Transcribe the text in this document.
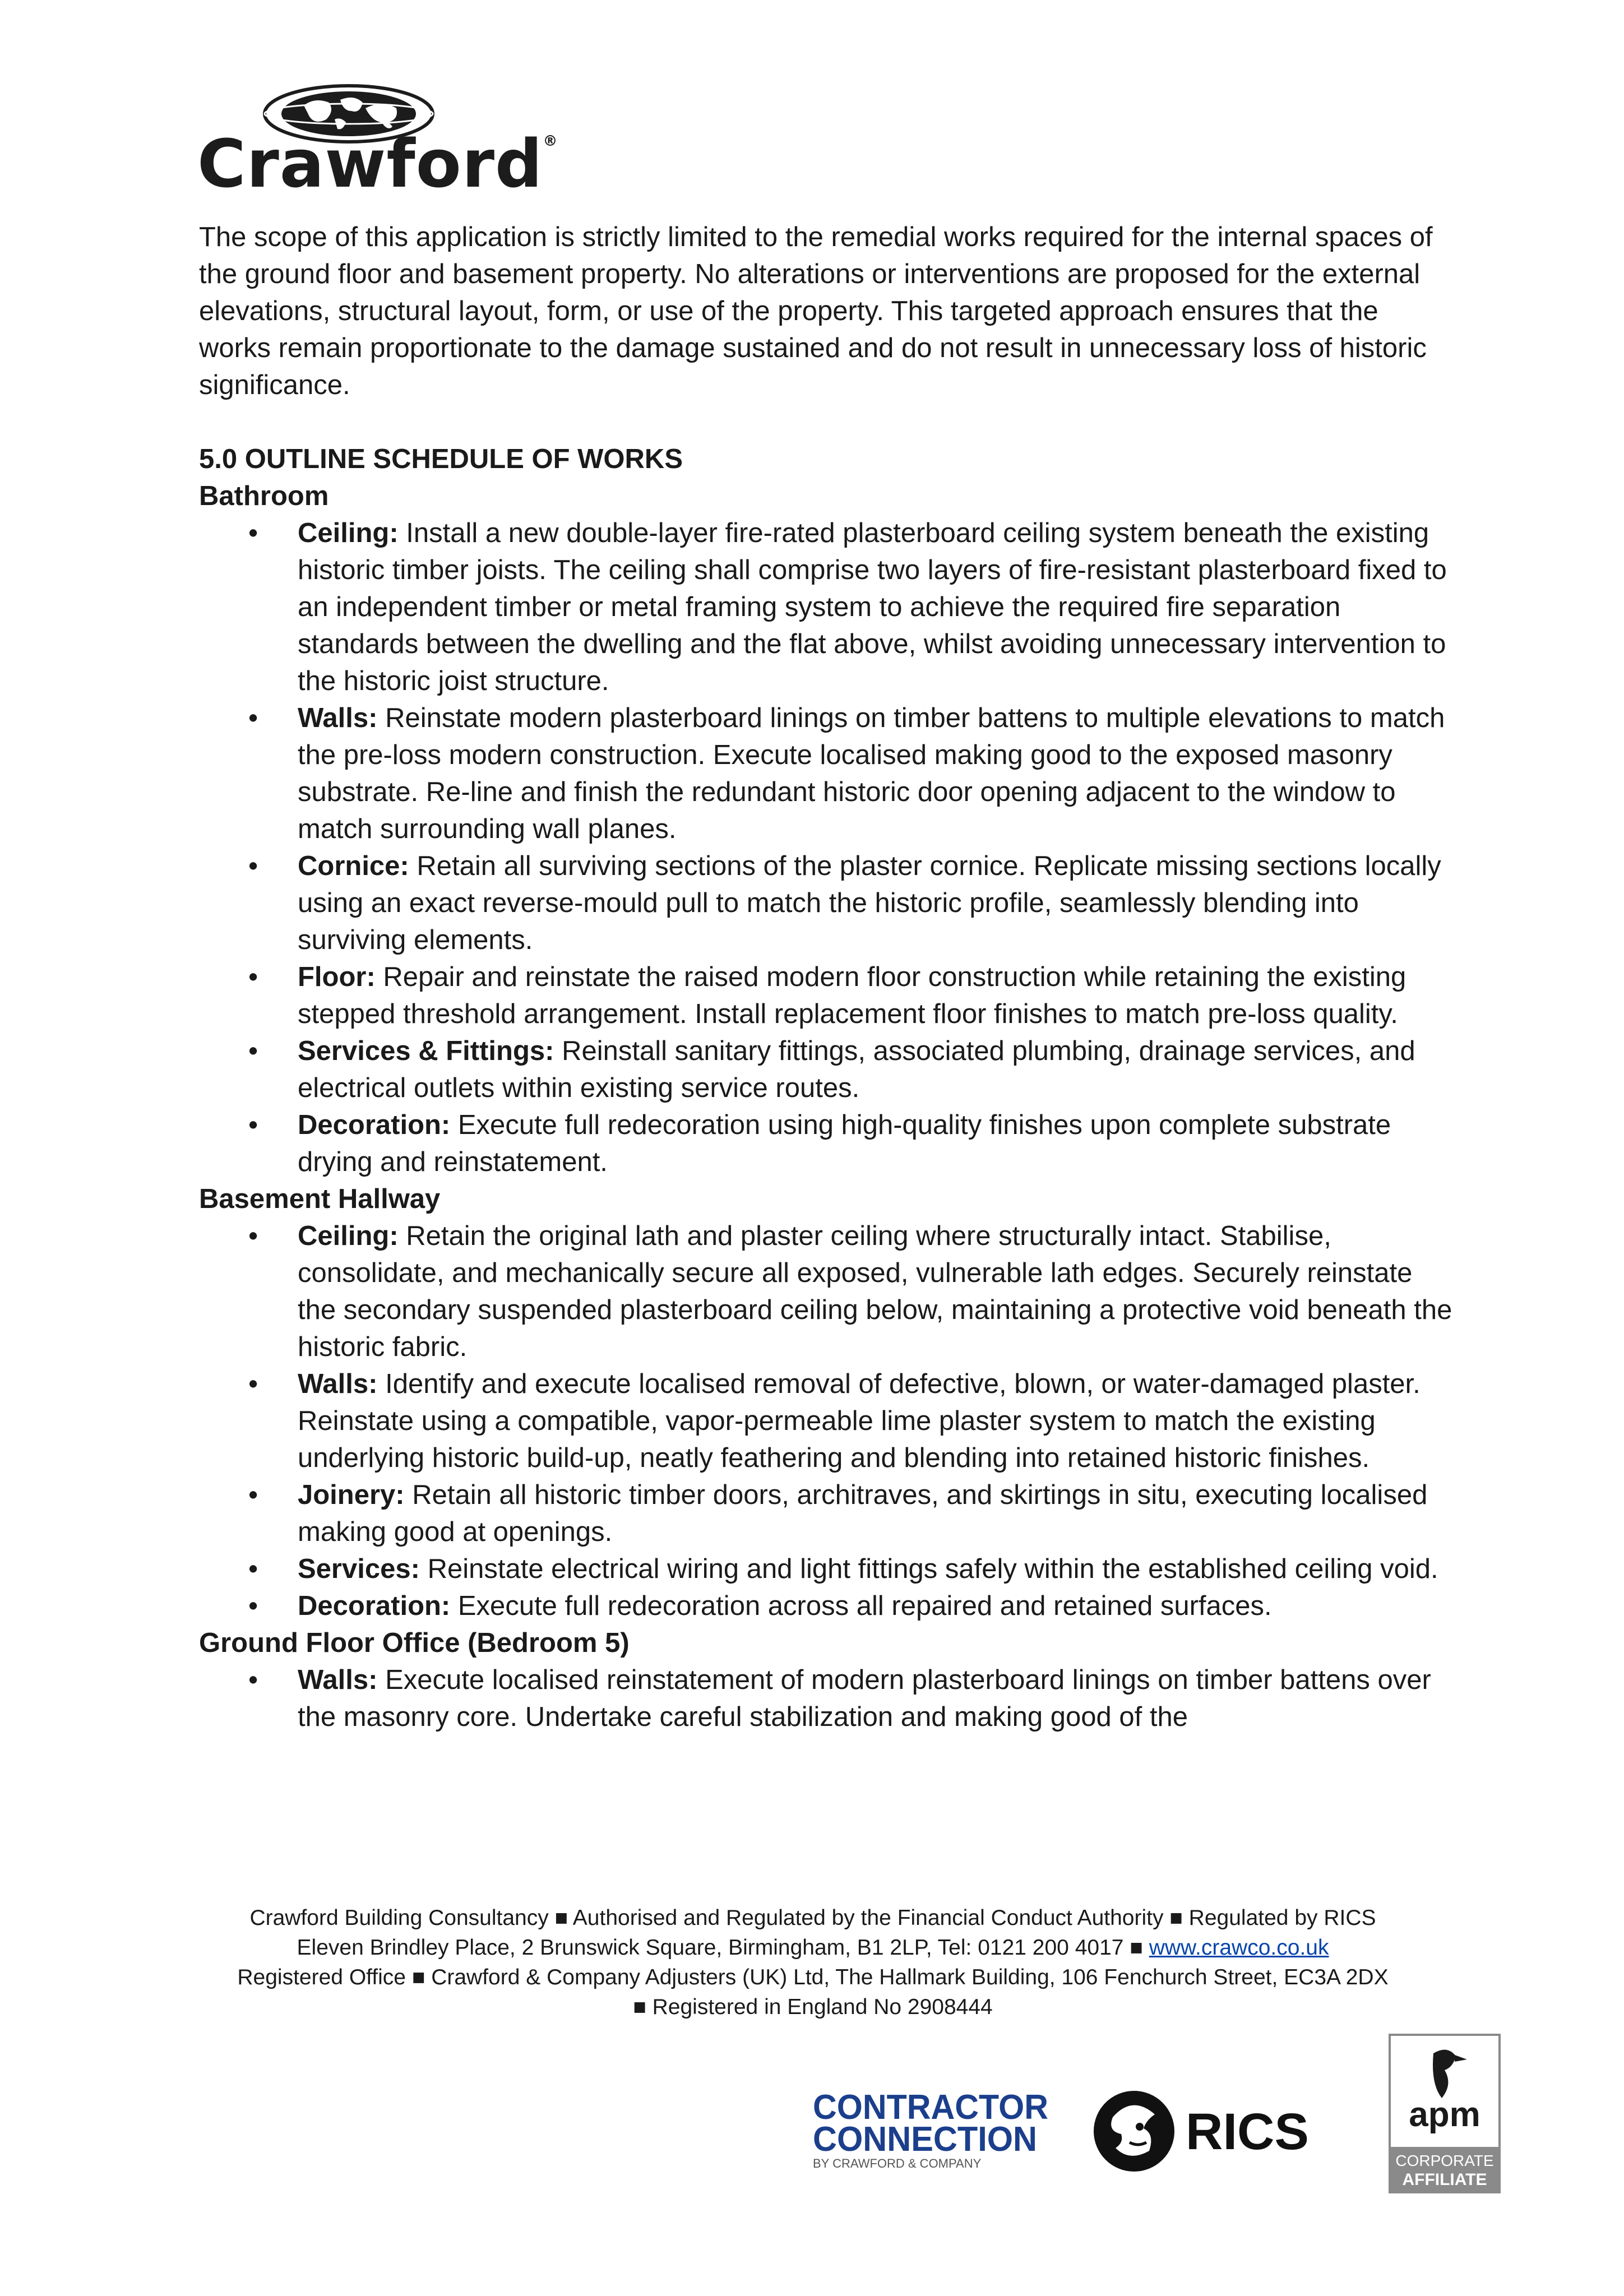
Crawford®

The scope of this application is strictly limited to the remedial works required for the internal spaces of the ground floor and basement property. No alterations or interventions are proposed for the external elevations, structural layout, form, or use of the property. This targeted approach ensures that the works remain proportionate to the damage sustained and do not result in unnecessary loss of historic significance.

5.0 OUTLINE SCHEDULE OF WORKS

Bathroom

• Ceiling: Install a new double-layer fire-rated plasterboard ceiling system beneath the existing historic timber joists. The ceiling shall comprise two layers of fire-resistant plasterboard fixed to an independent timber or metal framing system to achieve the required fire separation standards between the dwelling and the flat above, whilst avoiding unnecessary intervention to the historic joist structure.
• Walls: Reinstate modern plasterboard linings on timber battens to multiple elevations to match the pre-loss modern construction. Execute localised making good to the exposed masonry substrate. Re-line and finish the redundant historic door opening adjacent to the window to match surrounding wall planes.
• Cornice: Retain all surviving sections of the plaster cornice. Replicate missing sections locally using an exact reverse-mould pull to match the historic profile, seamlessly blending into surviving elements.
• Floor: Repair and reinstate the raised modern floor construction while retaining the existing stepped threshold arrangement. Install replacement floor finishes to match pre-loss quality.
• Services & Fittings: Reinstall sanitary fittings, associated plumbing, drainage services, and electrical outlets within existing service routes.
• Decoration: Execute full redecoration using high-quality finishes upon complete substrate drying and reinstatement.

Basement Hallway

• Ceiling: Retain the original lath and plaster ceiling where structurally intact. Stabilise, consolidate, and mechanically secure all exposed, vulnerable lath edges. Securely reinstate the secondary suspended plasterboard ceiling below, maintaining a protective void beneath the historic fabric.
• Walls: Identify and execute localised removal of defective, blown, or water-damaged plaster. Reinstate using a compatible, vapor-permeable lime plaster system to match the existing underlying historic build-up, neatly feathering and blending into retained historic finishes.
• Joinery: Retain all historic timber doors, architraves, and skirtings in situ, executing localised making good at openings.
• Services: Reinstate electrical wiring and light fittings safely within the established ceiling void.
• Decoration: Execute full redecoration across all repaired and retained surfaces.

Ground Floor Office (Bedroom 5)

• Walls: Execute localised reinstatement of modern plasterboard linings on timber battens over the masonry core. Undertake careful stabilization and making good of the
Crawford Building Consultancy ■ Authorised and Regulated by the Financial Conduct Authority ■ Regulated by RICS
Eleven Brindley Place, 2 Brunswick Square, Birmingham, B1 2LP, Tel: 0121 200 4017 ■ www.crawco.co.uk
Registered Office ■ Crawford & Company Adjusters (UK) Ltd, The Hallmark Building, 106 Fenchurch Street, EC3A 2DX
■ Registered in England No 2908444
CONTRACTOR
CONNECTION
BY CRAWFORD & COMPANY
RICS	apm
CORPORATE
AFFILIATE
